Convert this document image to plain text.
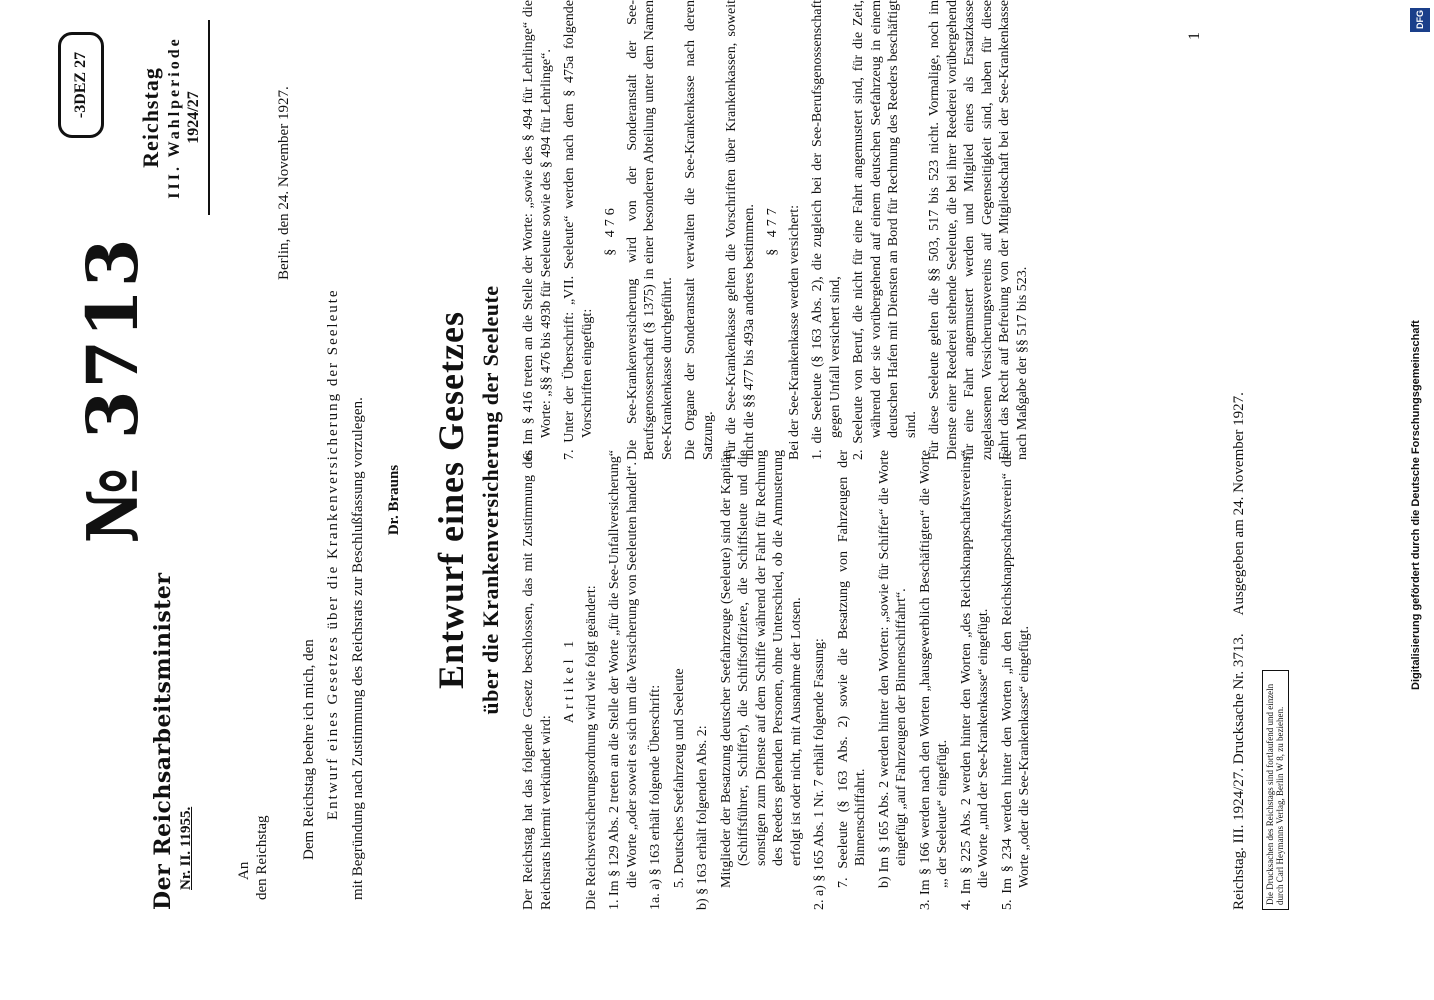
Der Reichsarbeitsminister Nr. II. 11955.
-3DEZ 27	Reichstag III. Wahlperiode 1924/27
№ 3713
An den Reichstag
Berlin, den 24. November 1927.
Dem Reichstag beehre ich mich, den Entwurf eines Gesetzes über die Krankenversicherung der Seeleute mit Begründung nach Zustimmung des Reichsrats zur Beschlußfassung vorzulegen. Dr. Brauns Entwurf eines Gesetzes über die Krankenversicherung der Seeleute Der Reichstag hat das folgende Gesetz beschlossen, das mit Zustimmung des Reichsrats hiermit verkündet wird:

Artikel 1 Die Reichsversicherungsordnung wird wie folgt geändert: 1. Im § 129 Abs. 2 treten an die Stelle der Worte „für die See-Unfallversicherung“ die Worte „oder soweit es sich um die Versicherung von Seeleuten handelt“. 1a. a) § 163 erhält folgende Überschrift: 5. Deutsches Seefahrzeug und Seeleute b) § 163 erhält folgenden Abs. 2: Mitglieder der Besatzung deutscher Seefahrzeuge (Seeleute) sind der Kapitän (Schiffsführer, Schiffer), die Schiffsoffiziere, die Schiffsleute und die sonstigen zum Dienste auf dem Schiffe während der Fahrt für Rechnung des Reeders gehenden Personen, ohne Unterschied, ob die Anmusterung erfolgt ist oder nicht, mit Ausnahme der Lotsen. 2. a) § 165 Abs. 1 Nr. 7 erhält folgende Fassung: 7. Seeleute (§ 163 Abs. 2) sowie die Besatzung von Fahrzeugen der Binnenschiffahrt. b) Im § 165 Abs. 2 werden hinter den Worten: „sowie für Schiffer“ die Worte eingefügt „auf Fahrzeugen der Binnenschiffahrt“. 3. Im § 166 werden nach den Worten „hausgewerblich Beschäftigten“ die Worte „, der Seeleute“ eingefügt. 4. Im § 225 Abs. 2 werden hinter den Worten „des Reichsknappschaftsvereins“ die Worte „und der See-Krankenkasse“ eingefügt. 5. Im § 234 werden hinter den Worten „in den Reichsknappschaftsverein“ die Worte „oder die See-Krankenkasse“ eingefügt.

6. Im § 416 treten an die Stelle der Worte: „sowie des § 494 für Lehrlinge“ die Worte: „§§ 476 bis 493b für Seeleute sowie des § 494 für Lehrlinge“. 7. Unter der Überschrift: „VII. Seeleute“ werden nach dem § 475a folgende Vorschriften eingefügt:

§ 476 Die See-Krankenversicherung wird von der Sonderanstalt der See-Berufsgenossenschaft (§ 1375) in einer besonderen Abteilung unter dem Namen See-Krankenkasse durchgeführt. Die Organe der Sonderanstalt verwalten die See-Krankenkasse nach deren Satzung. Für die See-Krankenkasse gelten die Vorschriften über Krankenkassen, soweit nicht die §§ 477 bis 493a anderes bestimmen. § 477 Bei der See-Krankenkasse werden versichert: 1. die Seeleute (§ 163 Abs. 2), die zugleich bei der See-Berufsgenossenschaft gegen Unfall versichert sind, 2. Seeleute von Beruf, die nicht für eine Fahrt angemustert sind, für die Zeit, während der sie vorübergehend auf einem deutschen Seefahrzeug in einem deutschen Hafen mit Diensten an Bord für Rechnung des Reeders beschäftigt sind. Für diese Seeleute gelten die §§ 503, 517 bis 523 nicht. Vormalige, noch im Dienste einer Reederei stehende Seeleute, die bei ihrer Reederei vorübergehend für eine Fahrt angemustert werden und Mitglied eines als Ersatzkasse zugelassenen Versicherungsvereins auf Gegenseitigkeit sind, haben für diese Fahrt das Recht auf Befreiung von der Mitgliedschaft bei der See-Krankenkasse nach Maßgabe der §§ 517 bis 523.

1
Reichstag. III. 1924/27. Drucksache Nr. 3713.
Ausgegeben am 24. November 1927.
Die Drucksachen des Reichstags sind fortlaufend und einzeln durch Carl Heymanns Verlag, Berlin W 8, zu beziehen.
DFG
Digitalisierung gefördert durch die Deutsche Forschungsgemeinschaft
